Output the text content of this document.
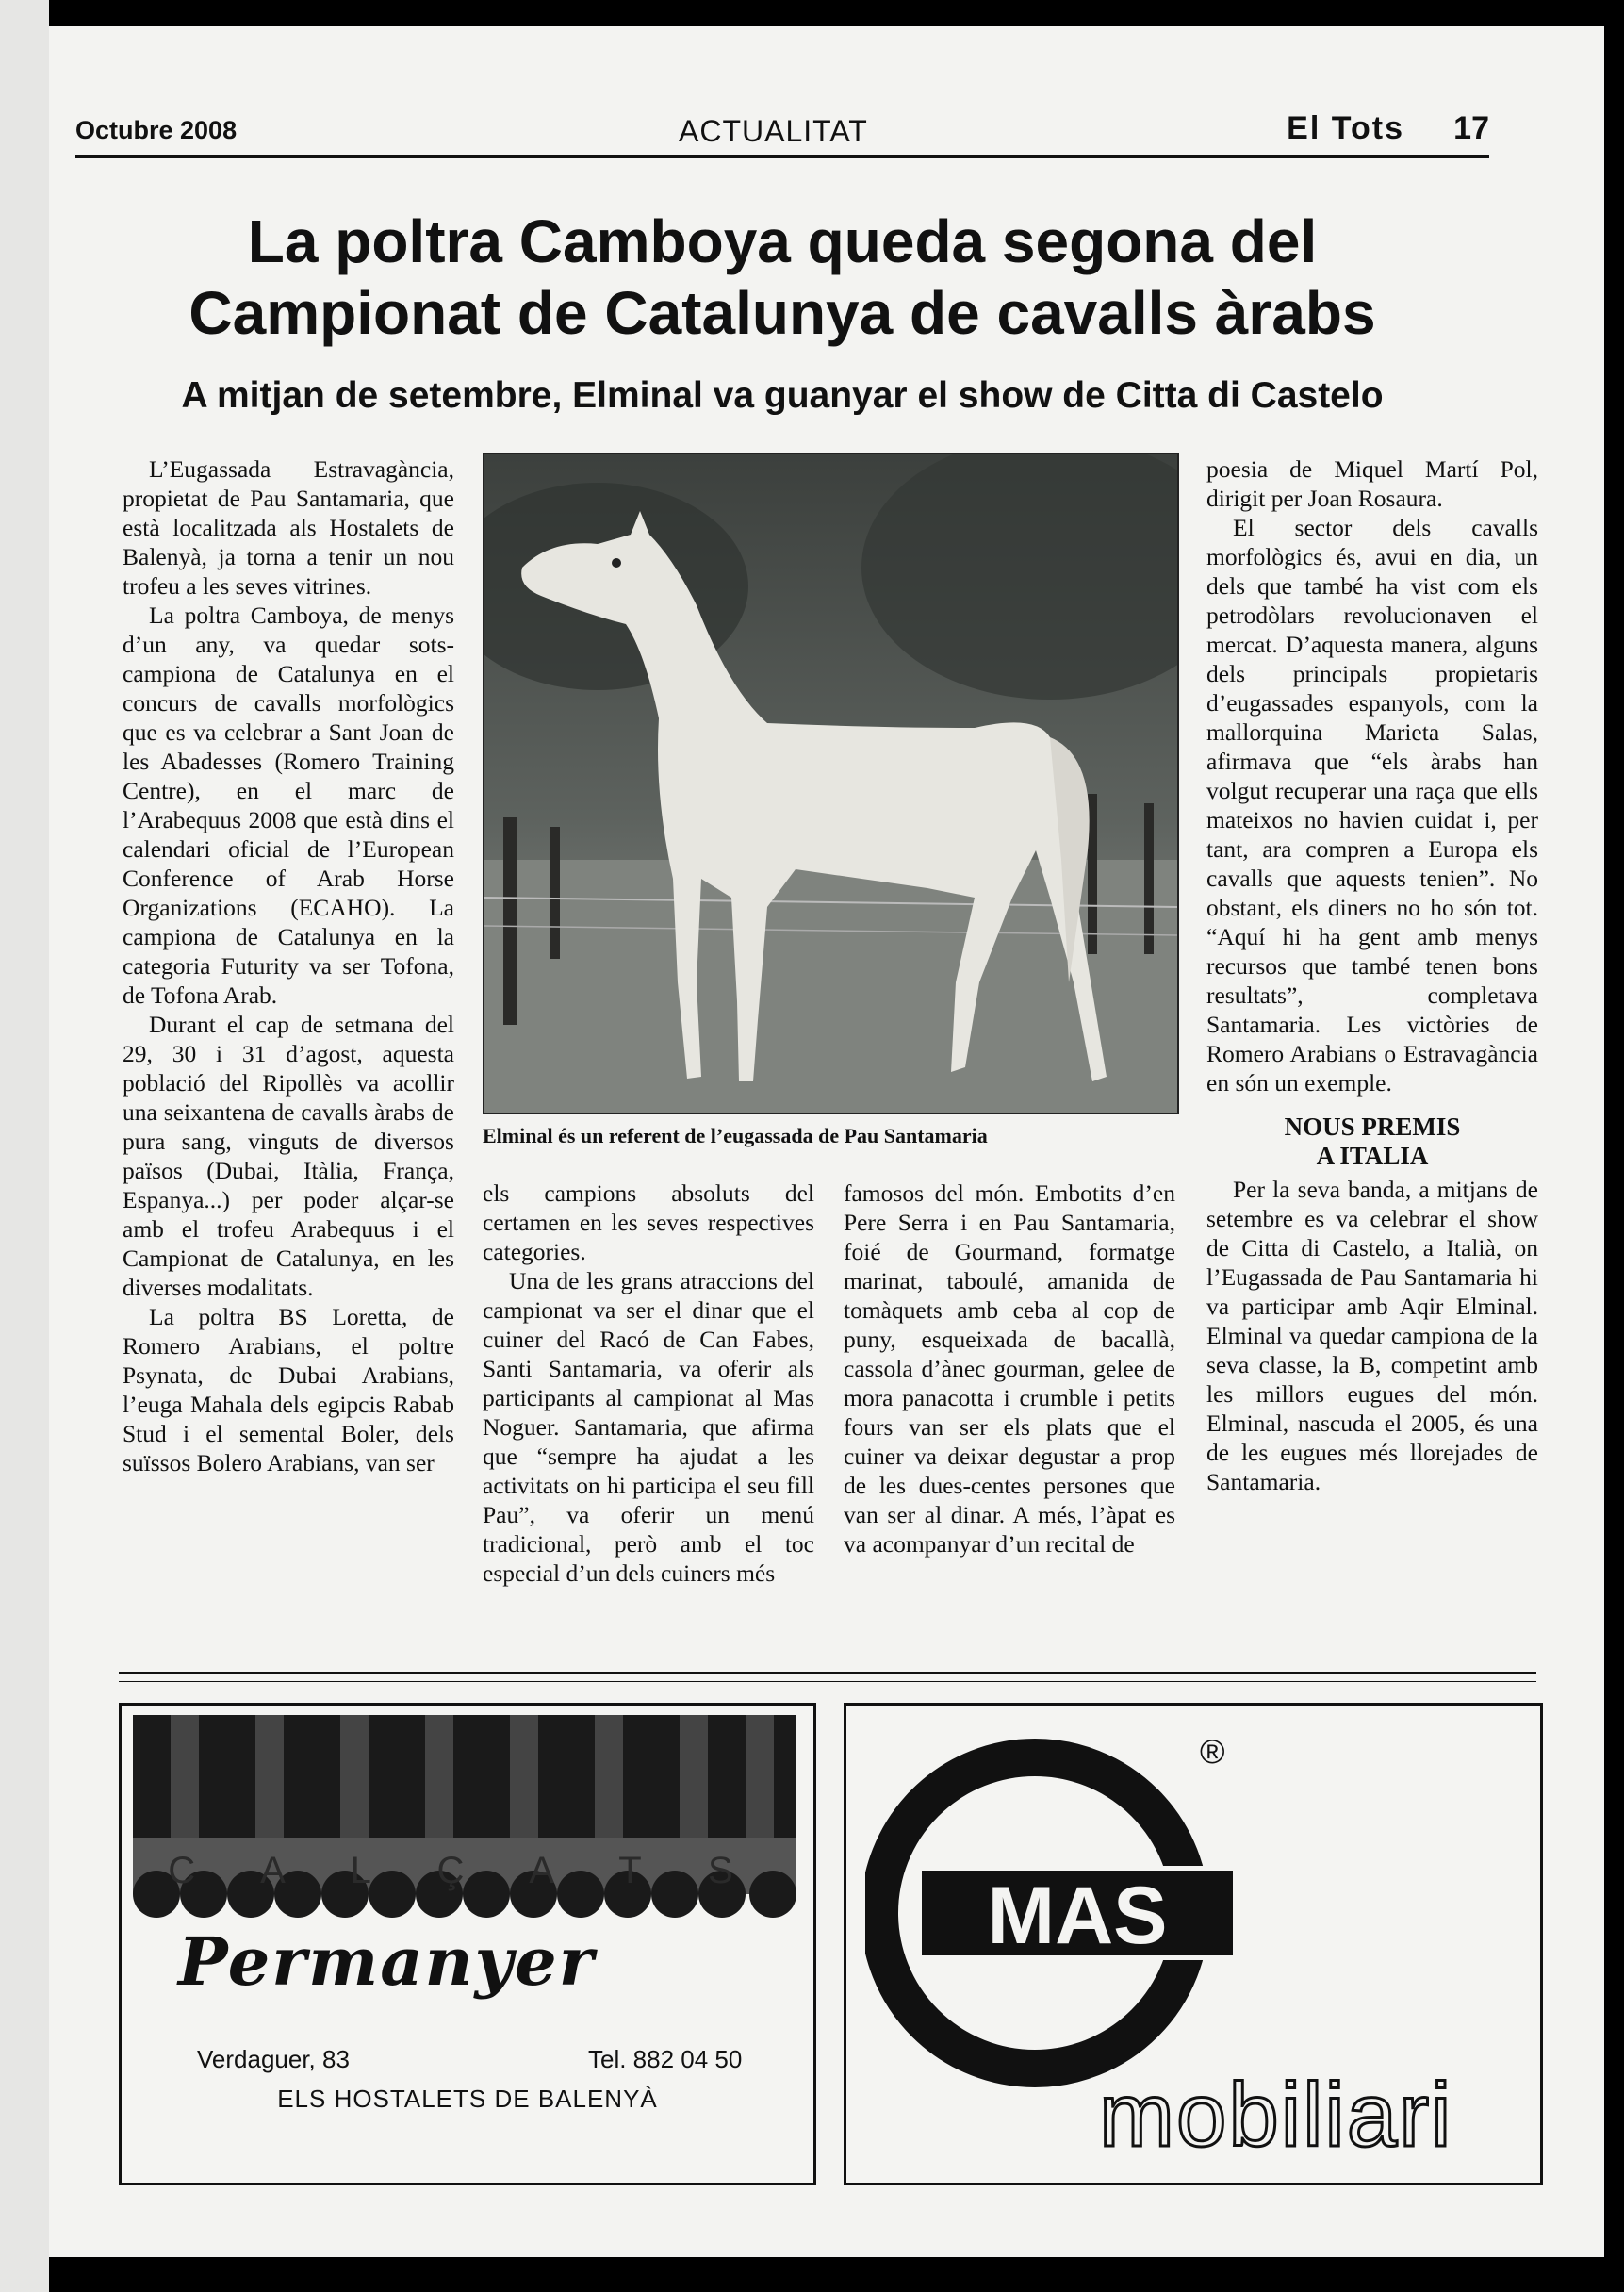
Octubre 2008	ACTUALITAT	El Tots 17
La poltra Camboya queda segona del
Campionat de Catalunya de cavalls àrabs
A mitjan de setembre, Elminal va guanyar el show de Citta di Castelo

L’Eugassada Estravagància, propietat de Pau Santamaria, que està localitzada als Hostalets de Balenyà, ja torna a tenir un nou trofeu a les seves vitrines.

La poltra Camboya, de menys d’un any, va quedar sots-campiona de Catalunya en el concurs de cavalls morfològics que es va celebrar a Sant Joan de les Abadesses (Romero Training Centre), en el marc de l’Arabequus 2008 que està dins el calendari oficial de l’European Conference of Arab Horse Organizations (ECAHO). La campiona de Catalunya en la categoria Futurity va ser Tofona, de Tofona Arab.

Durant el cap de setmana del 29, 30 i 31 d’agost, aquesta població del Ripollès va acollir una seixantena de cavalls àrabs de pura sang, vinguts de diversos països (Dubai, Itàlia, França, Espanya...) per poder alçar-se amb el trofeu Arabequus i el Campionat de Catalunya, en les diverses modalitats.

La poltra BS Loretta, de Romero Arabians, el poltre Psynata, de Dubai Arabians, l’euga Mahala dels egipcis Rabab Stud i el semental Boler, dels suïssos Bolero Arabians, van ser

Elminal és un referent de l’eugassada de Pau Santamaria

els campions absoluts del certamen en les seves respectives categories.

Una de les grans atraccions del campionat va ser el dinar que el cuiner del Racó de Can Fabes, Santi Santamaria, va oferir als participants al campionat al Mas Noguer. Santamaria, que afirma que “sempre ha ajudat a les activitats on hi participa el seu fill Pau”, va oferir un menú tradicional, però amb el toc especial d’un dels cuiners més

famosos del món. Embotits d’en Pere Serra i en Pau Santamaria, foié de Gourmand, formatge marinat, taboulé, amanida de tomàquets amb ceba al cop de puny, esqueixada de bacallà, cassola d’ànec gourman, gelee de mora panacotta i crumble i petits fours van ser els plats que el cuiner va deixar degustar a prop de les dues-centes persones que van ser al dinar. A més, l’àpat es va acompanyar d’un recital de

poesia de Miquel Martí Pol, dirigit per Joan Rosaura.

El sector dels cavalls morfològics és, avui en dia, un dels que també ha vist com els petrodòlars revolucionaven el mercat. D’aquesta manera, alguns dels principals propietaris d’eugassades espanyols, com la mallorquina Marieta Salas, afirmava que “els àrabs han volgut recuperar una raça que ells mateixos no havien cuidat i, per tant, ara compren a Europa els cavalls que aquests tenien”. No obstant, els diners no ho són tot. “Aquí hi ha gent amb menys recursos que també tenen bons resultats”, completava Santamaria. Les victòries de Romero Arabians o Estravagància en són un exemple.

NOUS PREMIS
A ITALIA

Per la seva banda, a mitjans de setembre es va celebrar el show de Citta di Castelo, a Italià, on l’Eugassada de Pau Santamaria hi va participar amb Aqir Elminal. Elminal va quedar campiona de la seva classe, la B, competint amb les millors eugues del món. Elminal, nascuda el 2005, és una de les eugues més llorejades de Santamaria.

C A L Ç A T S
Permanyer
Verdaguer, 83	Tel. 882 04 50
ELS HOSTALETS DE BALENYÀ
MAS
®
mobiliari
